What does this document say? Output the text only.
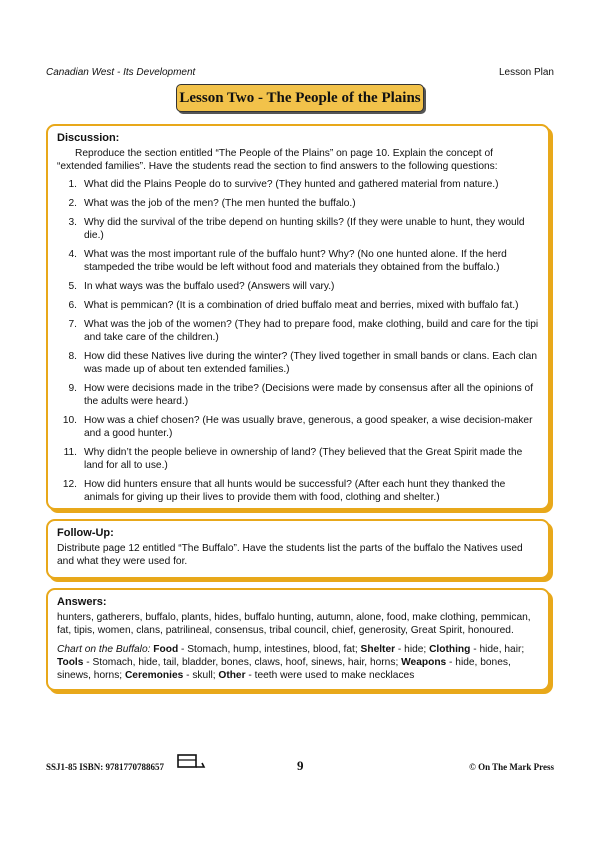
Canadian West - Its Development	Lesson Plan
Lesson Two - The People of the Plains
Discussion:
Reproduce the section entitled “The People of the Plains” on page 10. Explain the concept of “extended families”. Have the students read the section to find answers to the following questions:
1. What did the Plains People do to survive? (They hunted and gathered material from nature.)
2. What was the job of the men? (The men hunted the buffalo.)
3. Why did the survival of the tribe depend on hunting skills? (If they were unable to hunt, they would die.)
4. What was the most important rule of the buffalo hunt? Why? (No one hunted alone. If the herd stampeded the tribe would be left without food and materials they obtained from the buffalo.)
5. In what ways was the buffalo used? (Answers will vary.)
6. What is pemmican? (It is a combination of dried buffalo meat and berries, mixed with buffalo fat.)
7. What was the job of the women? (They had to prepare food, make clothing, build and care for the tipi and take care of the children.)
8. How did these Natives live during the winter? (They lived together in small bands or clans. Each clan was made up of about ten extended families.)
9. How were decisions made in the tribe? (Decisions were made by consensus after all the opinions of the adults were heard.)
10. How was a chief chosen? (He was usually brave, generous, a good speaker, a wise decision-maker and a good hunter.)
11. Why didn’t the people believe in ownership of land? (They believed that the Great Spirit made the land for all to use.)
12. How did hunters ensure that all hunts would be successful? (After each hunt they thanked the animals for giving up their lives to provide them with food, clothing and shelter.)
Follow-Up:
Distribute page 12 entitled “The Buffalo”. Have the students list the parts of the buffalo the Natives used and what they were used for.
Answers:
hunters, gatherers, buffalo, plants, hides, buffalo hunting, autumn, alone, food, make clothing, pemmican, fat, tipis, women, clans, patrilineal, consensus, tribal council, chief, generosity, Great Spirit, honoured.
Chart on the Buffalo: Food - Stomach, hump, intestines, blood, fat; Shelter - hide; Clothing - hide, hair; Tools - Stomach, hide, tail, bladder, bones, claws, hoof, sinews, hair, horns; Weapons - hide, bones, sinews, horns; Ceremonies - skull; Other - teeth were used to make necklaces
SSJ1-85 ISBN: 9781770788657	9	© On The Mark Press
